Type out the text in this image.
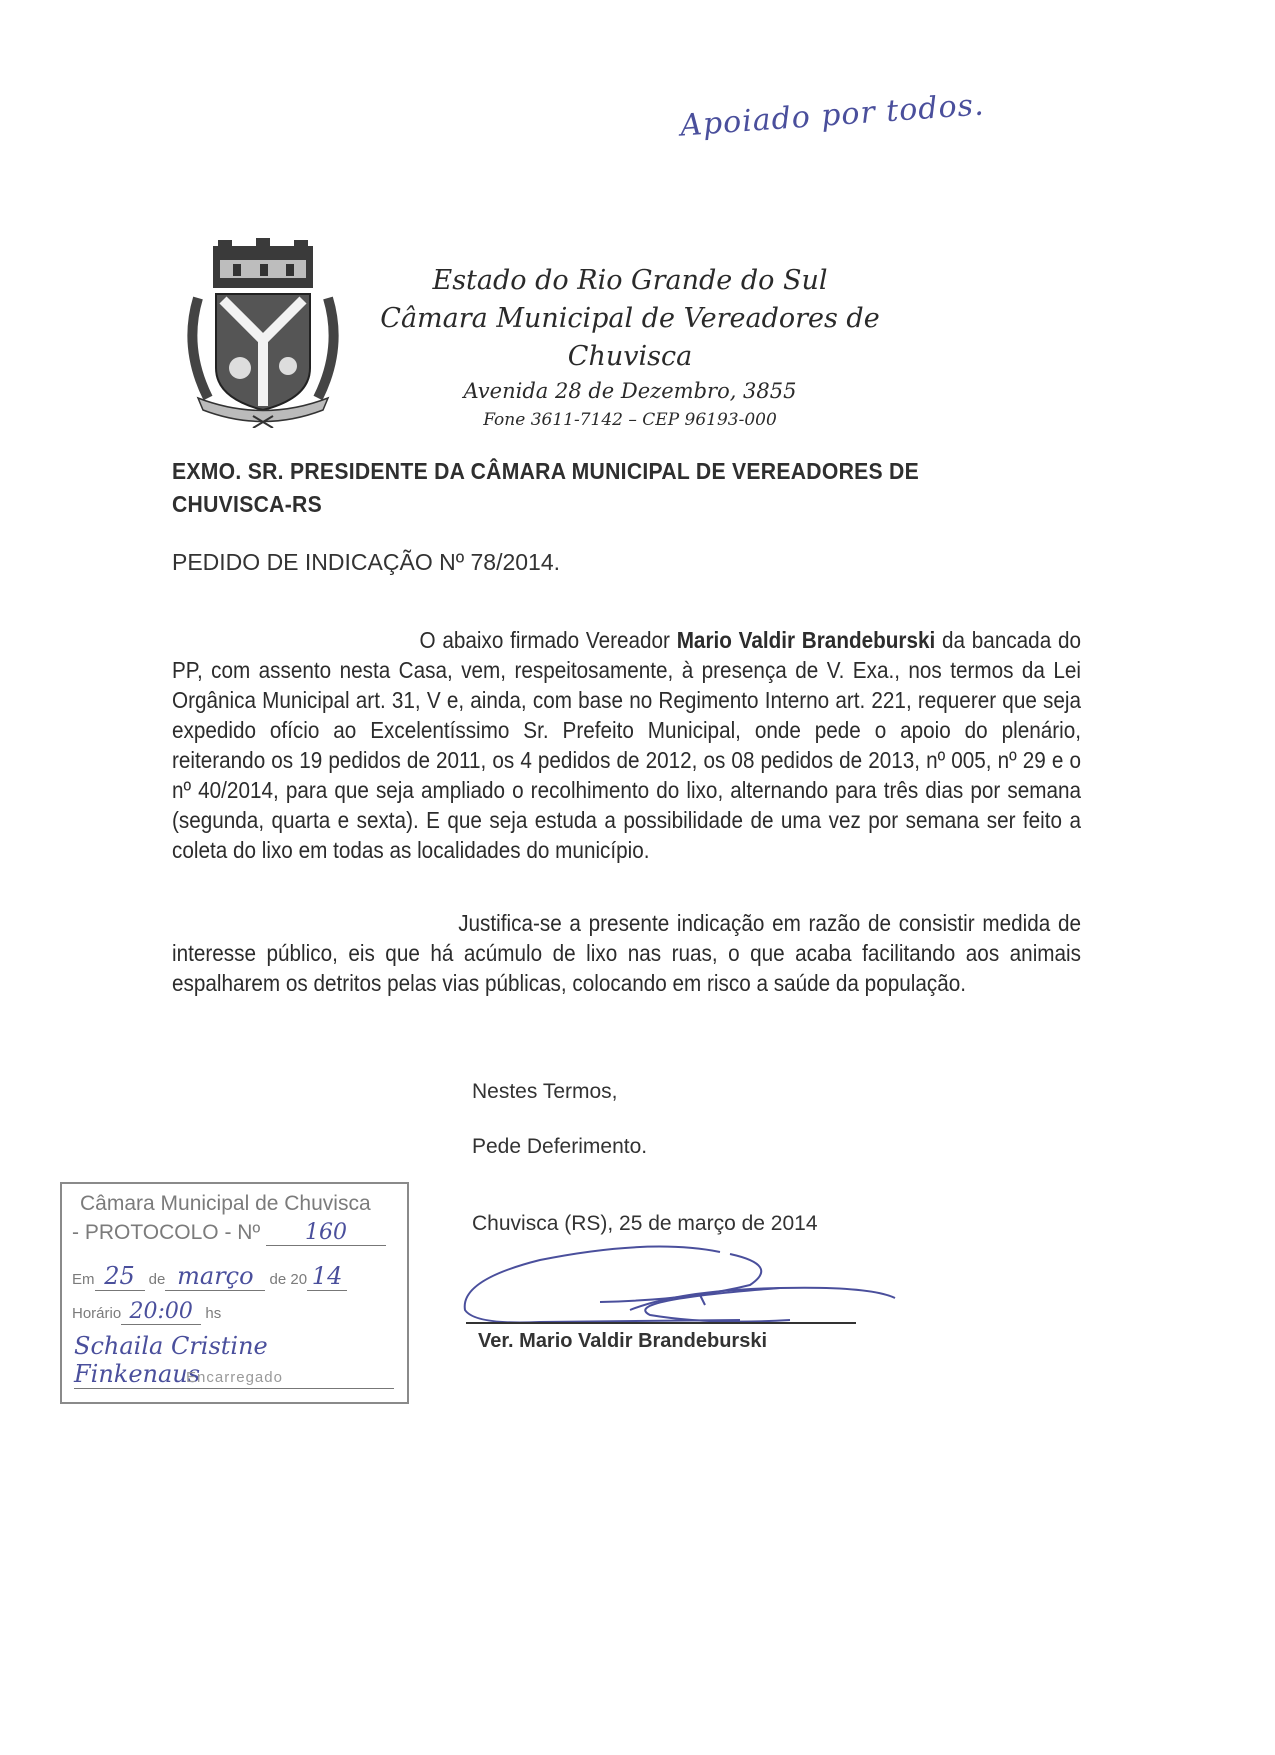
Apoiado por todos.
Estado do Rio Grande do Sul
Câmara Municipal de Vereadores de Chuvisca
Avenida 28 de Dezembro, 3855
Fone 3611-7142 – CEP 96193-000
EXMO. SR. PRESIDENTE DA CÂMARA MUNICIPAL DE VEREADORES DE CHUVISCA-RS
PEDIDO DE INDICAÇÃO Nº 78/2014.
O abaixo firmado Vereador Mario Valdir Brandeburski da bancada do PP, com assento nesta Casa, vem, respeitosamente, à presença de V. Exa., nos termos da Lei Orgânica Municipal art. 31, V e, ainda, com base no Regimento Interno art. 221, requerer que seja expedido ofício ao Excelentíssimo Sr. Prefeito Municipal, onde pede o apoio do plenário, reiterando os 19 pedidos de 2011, os 4 pedidos de 2012, os 08 pedidos de 2013, nº 005, nº 29 e o nº 40/2014, para que seja ampliado o recolhimento do lixo, alternando para três dias por semana (segunda, quarta e sexta). E que seja estuda a possibilidade de uma vez por semana ser feito a coleta do lixo em todas as localidades do município.
Justifica-se a presente indicação em razão de consistir medida de interesse público, eis que há acúmulo de lixo nas ruas, o que acaba facilitando aos animais espalharem os detritos pelas vias públicas, colocando em risco a saúde da população.
Nestes Termos,
Pede Deferimento.
Chuvisca (RS), 25 de março de 2014
Ver. Mario Valdir Brandeburski
Câmara Municipal de Chuvisca
- PROTOCOLO - Nº 160
Em 25 de março de 20 14
Horário 20:00 hs
Schaila Cristine Finkenaus
Encarregado
